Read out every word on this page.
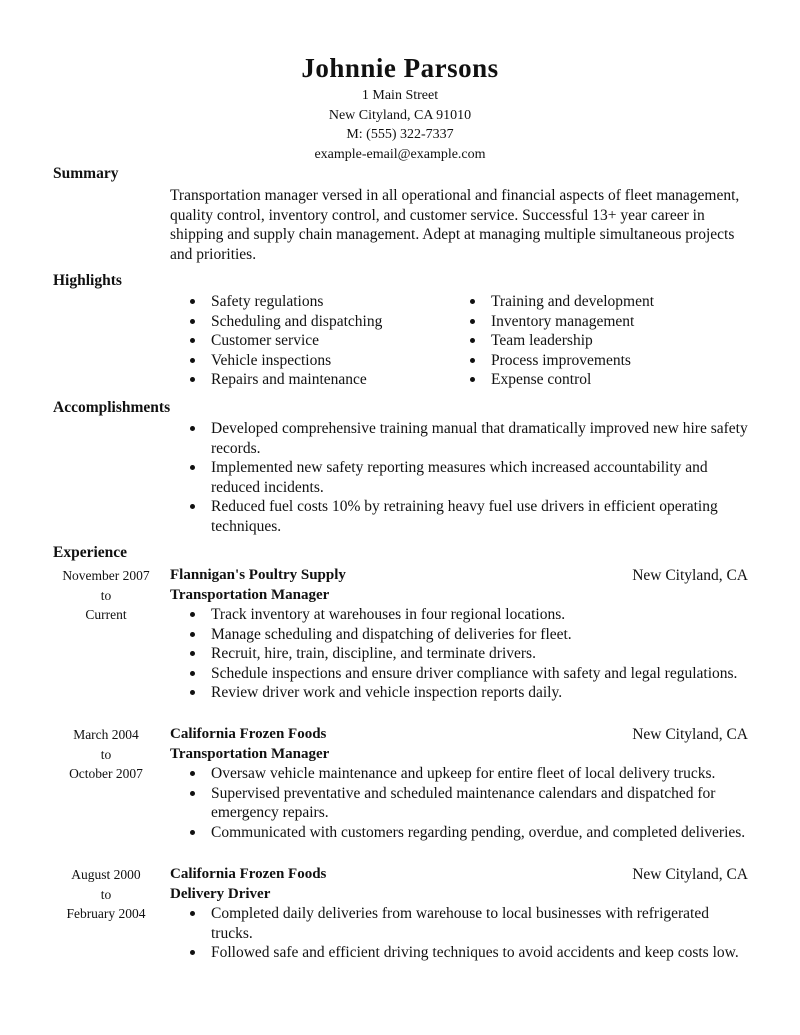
Johnnie Parsons
1 Main Street
New Cityland, CA 91010
M: (555) 322-7337
example-email@example.com
Summary
Transportation manager versed in all operational and financial aspects of fleet management, quality control, inventory control, and customer service. Successful 13+ year career in shipping and supply chain management. Adept at managing multiple simultaneous projects and priorities.
Highlights
Safety regulations
Scheduling and dispatching
Customer service
Vehicle inspections
Repairs and maintenance
Training and development
Inventory management
Team leadership
Process improvements
Expense control
Accomplishments
Developed comprehensive training manual that dramatically improved new hire safety records.
Implemented new safety reporting measures which increased accountability and reduced incidents.
Reduced fuel costs 10% by retraining heavy fuel use drivers in efficient operating techniques.
Experience
November 2007
to
Current
Flannigan's Poultry Supply	New Cityland, CA
Transportation Manager
Track inventory at warehouses in four regional locations.
Manage scheduling and dispatching of deliveries for fleet.
Recruit, hire, train, discipline, and terminate drivers.
Schedule inspections and ensure driver compliance with safety and legal regulations.
Review driver work and vehicle inspection reports daily.
March 2004
to
October 2007
California Frozen Foods	New Cityland, CA
Transportation Manager
Oversaw vehicle maintenance and upkeep for entire fleet of local delivery trucks.
Supervised preventative and scheduled maintenance calendars and dispatched for emergency repairs.
Communicated with customers regarding pending, overdue, and completed deliveries.
August 2000
to
February 2004
California Frozen Foods	New Cityland, CA
Delivery Driver
Completed daily deliveries from warehouse to local businesses with refrigerated trucks.
Followed safe and efficient driving techniques to avoid accidents and keep costs low.
